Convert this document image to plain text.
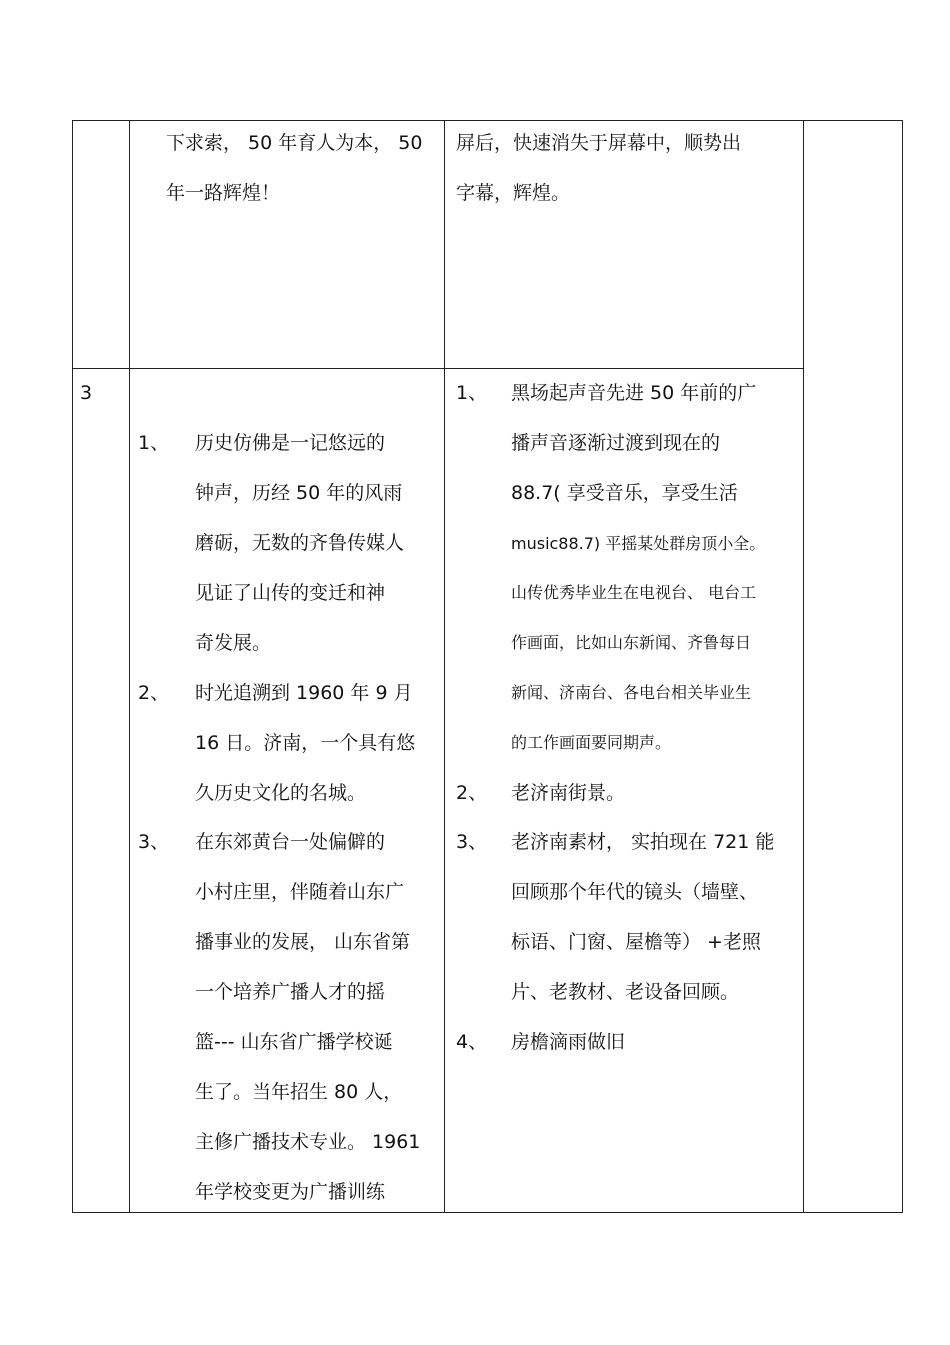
下求索， 50 年育人为本， 50
年一路辉煌！
屏后，快速消失于屏幕中，顺势出
字幕，辉煌。
3
1、 历史仿佛是一记悠远的
钟声，历经 50 年的风雨
磨砺，无数的齐鲁传媒人
见证了山传的变迁和神
奇发展。
2、 时光追溯到 1960 年 9 月
16 日。济南，一个具有悠
久历史文化的名城。
3、 在东郊黄台一处偏僻的
小村庄里，伴随着山东广
播事业的发展， 山东省第
一个培养广播人才的摇
篮--- 山东省广播学校诞
生了。当年招生 80 人，
主修广播技术专业。 1961
年学校变更为广播训练
1、 黑场起声音先进 50 年前的广
播声音逐渐过渡到现在的
88.7( 享受音乐，享受生活
music88.7) 平摇某处群房顶小全。
山传优秀毕业生在电视台、 电台工
作画面，比如山东新闻、齐鲁每日
新闻、济南台、各电台相关毕业生
的工作画面要同期声。
2、 老济南街景。
3、 老济南素材， 实拍现在 721 能
回顾那个年代的镜头（墙壁、
标语、门窗、屋檐等） +老照
片、老教材、老设备回顾。
4、 房檐滴雨做旧
